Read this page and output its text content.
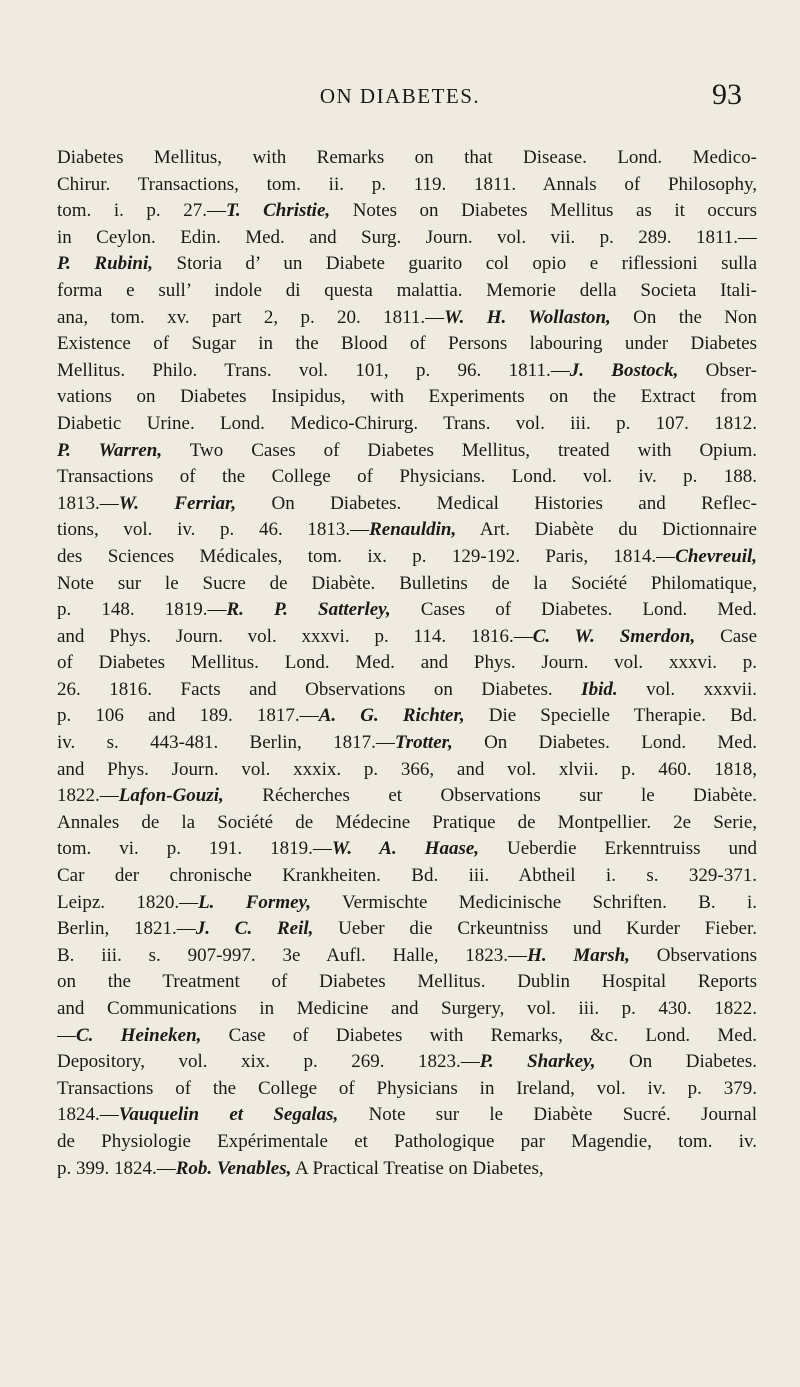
ON DIABETES.	93
Diabetes Mellitus, with Remarks on that Disease. Lond. Medico-
Chirur. Transactions, tom. ii. p. 119. 1811. Annals of Philosophy,
tom. i. p. 27.—T. Christie, Notes on Diabetes Mellitus as it occurs
in Ceylon. Edin. Med. and Surg. Journ. vol. vii. p. 289. 1811.—
P. Rubini, Storia d’ un Diabete guarito col opio e riflessioni sulla
forma e sull’ indole di questa malattia. Memorie della Societa Itali-
ana, tom. xv. part 2, p. 20. 1811.—W. H. Wollaston, On the Non
Existence of Sugar in the Blood of Persons labouring under Diabetes
Mellitus. Philo. Trans. vol. 101, p. 96. 1811.—J. Bostock, Obser-
vations on Diabetes Insipidus, with Experiments on the Extract from
Diabetic Urine. Lond. Medico-Chirurg. Trans. vol. iii. p. 107. 1812.
P. Warren, Two Cases of Diabetes Mellitus, treated with Opium.
Transactions of the College of Physicians. Lond. vol. iv. p. 188.
1813.—W. Ferriar, On Diabetes. Medical Histories and Reflec-
tions, vol. iv. p. 46. 1813.—Renauldin, Art. Diabète du Dictionnaire
des Sciences Médicales, tom. ix. p. 129-192. Paris, 1814.—Chevreuil,
Note sur le Sucre de Diabète. Bulletins de la Société Philomatique,
p. 148. 1819.—R. P. Satterley, Cases of Diabetes. Lond. Med.
and Phys. Journ. vol. xxxvi. p. 114. 1816.—C. W. Smerdon, Case
of Diabetes Mellitus. Lond. Med. and Phys. Journ. vol. xxxvi. p.
26. 1816. Facts and Observations on Diabetes. Ibid. vol. xxxvii.
p. 106 and 189. 1817.—A. G. Richter, Die Specielle Therapie. Bd.
iv. s. 443-481. Berlin, 1817.—Trotter, On Diabetes. Lond. Med.
and Phys. Journ. vol. xxxix. p. 366, and vol. xlvii. p. 460. 1818,
1822.—Lafon-Gouzi, Récherches et Observations sur le Diabète.
Annales de la Société de Médecine Pratique de Montpellier. 2e Serie,
tom. vi. p. 191. 1819.—W. A. Haase, Ueberdie Erkenntruiss und
Car der chronische Krankheiten. Bd. iii. Abtheil i. s. 329-371.
Leipz. 1820.—L. Formey, Vermischte Medicinische Schriften. B. i.
Berlin, 1821.—J. C. Reil, Ueber die Crkeuntniss und Kurder Fieber.
B. iii. s. 907-997. 3e Aufl. Halle, 1823.—H. Marsh, Observations
on the Treatment of Diabetes Mellitus. Dublin Hospital Reports
and Communications in Medicine and Surgery, vol. iii. p. 430. 1822.
—C. Heineken, Case of Diabetes with Remarks, &c. Lond. Med.
Depository, vol. xix. p. 269. 1823.—P. Sharkey, On Diabetes.
Transactions of the College of Physicians in Ireland, vol. iv. p. 379.
1824.—Vauquelin et Segalas, Note sur le Diabète Sucré. Journal
de Physiologie Expérimentale et Pathologique par Magendie, tom. iv.
p. 399. 1824.—Rob. Venables, A Practical Treatise on Diabetes,
